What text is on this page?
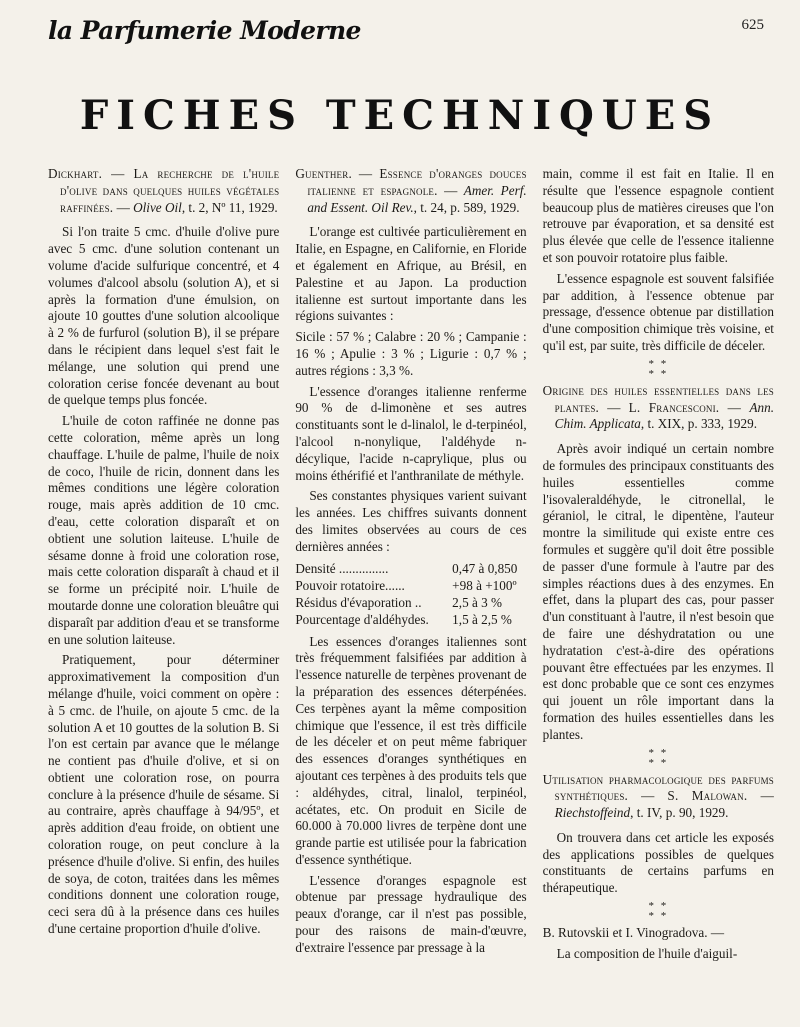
la Parfumerie Moderne	625
FICHES TECHNIQUES

Dickhart. — La recherche de l'huile d'olive dans quelques huiles végétales raffinées. — Olive Oil, t. 2, Nº 11, 1929.

Si l'on traite 5 cmc. d'huile d'olive pure avec 5 cmc. d'une solution contenant un volume d'acide sulfurique concentré, et 4 volumes d'alcool absolu (solution A), et si après la formation d'une émulsion, on ajoute 10 gouttes d'une solution alcoolique à 2 % de furfurol (solution B), il se prépare dans le récipient dans lequel s'est fait le mélange, une solution qui prend une coloration cerise foncée devenant au bout de quelque temps plus foncée.

L'huile de coton raffinée ne donne pas cette coloration, même après un long chauffage. L'huile de palme, l'huile de noix de coco, l'huile de ricin, donnent dans les mêmes conditions une légère coloration rouge, mais après addition de 10 cmc. d'eau, cette coloration disparaît et on obtient une solution laiteuse. L'huile de sésame donne à froid une coloration rose, mais cette coloration disparaît à chaud et il se forme un précipité noir. L'huile de moutarde donne une coloration bleuâtre qui disparaît par addition d'eau et se transforme en une solution laiteuse.

Pratiquement, pour déterminer approximativement la composition d'un mélange d'huile, voici comment on opère : à 5 cmc. de l'huile, on ajoute 5 cmc. de la solution A et 10 gouttes de la solution B. Si l'on est certain par avance que le mélange ne contient pas d'huile d'olive, et si on obtient une coloration rose, on pourra conclure à la présence d'huile de sésame. Si au contraire, après chauffage à 94/95º, et après addition d'eau froide, on obtient une coloration rouge, on peut conclure à la présence d'huile d'olive. Si enfin, des huiles de soya, de coton, traitées dans les mêmes conditions donnent une coloration rouge, ceci sera dû à la présence dans ces huiles d'une certaine proportion d'huile d'olive.

Guenther. — Essence d'oranges douces italienne et espagnole. — Amer. Perf. and Essent. Oil Rev., t. 24, p. 589, 1929.

L'orange est cultivée particulièrement en Italie, en Espagne, en Californie, en Floride et également en Afrique, au Brésil, en Palestine et au Japon. La production italienne est surtout importante dans les régions suivantes :

Sicile : 57 % ; Calabre : 20 % ; Campanie : 16 % ; Apulie : 3 % ; Ligurie : 0,7 % ; autres régions : 3,3 %.

L'essence d'oranges italienne renferme 90 % de d-limonène et ses autres constituants sont le d-linalol, le d-terpinéol, l'alcool n-nonylique, l'aldéhyde n-décylique, l'acide n-caprylique, plus ou moins éthérifié et l'anthranilate de méthyle.

Ses constantes physiques varient suivant les années. Les chiffres suivants donnent des limites observées au cours de ces dernières années :

Densité ...............	0,47 à 0,850
Pouvoir rotatoire......	+98 à +100º
Résidus d'évaporation ..	2,5 à 3 %
Pourcentage d'aldéhydes.	1,5 à 2,5 %

Les essences d'oranges italiennes sont très fréquemment falsifiées par addition à l'essence naturelle de terpènes provenant de la préparation des essences déterpénées. Ces terpènes ayant la même composition chimique que l'essence, il est très difficile de les déceler et on peut même fabriquer des essences d'oranges synthétiques en ajoutant ces terpènes à des produits tels que : aldéhydes, citral, linalol, terpinéol, acétates, etc. On produit en Sicile de 60.000 à 70.000 livres de terpène dont une grande partie est utilisée pour la fabrication d'essence synthétique.

L'essence d'oranges espagnole est obtenue par pressage hydraulique des peaux d'orange, car il n'est pas possible, pour des raisons de main-d'œuvre, d'extraire l'essence par pressage à la

main, comme il est fait en Italie. Il en résulte que l'essence espagnole contient beaucoup plus de matières cireuses que l'on retrouve par évaporation, et sa densité est plus élevée que celle de l'essence italienne et son pouvoir rotatoire plus faible.

L'essence espagnole est souvent falsifiée par addition, à l'essence obtenue par pressage, d'essence obtenue par distillation d'une composition chimique très voisine, et qu'il est, par suite, très difficile de déceler.

* *
* *

Origine des huiles essentielles dans les plantes. — L. Francesconi. — Ann. Chim. Applicata, t. XIX, p. 333, 1929.

Après avoir indiqué un certain nombre de formules des principaux constituants des huiles essentielles comme l'isovaleraldéhyde, le citronellal, le géraniol, le citral, le dipentène, l'auteur montre la similitude qui existe entre ces formules et suggère qu'il doit être possible de passer d'une formule à l'autre par des simples réactions dues à des enzymes. En effet, dans la plupart des cas, pour passer d'un constituant à l'autre, il n'est besoin que de faire une déshydratation ou une hydratation c'est-à-dire des opérations pouvant être effectuées par les enzymes. Il est donc probable que ce sont ces enzymes qui jouent un rôle important dans la formation des huiles essentielles dans les plantes.

* *
* *

Utilisation pharmacologique des parfums synthétiques. — S. Malowan. — Riechstoffeind, t. IV, p. 90, 1929.

On trouvera dans cet article les exposés des applications possibles de quelques constituants de certains parfums en thérapeutique.

* *
* *

B. Rutovskii et I. Vinogradova. —

La composition de l'huile d'aiguil-
